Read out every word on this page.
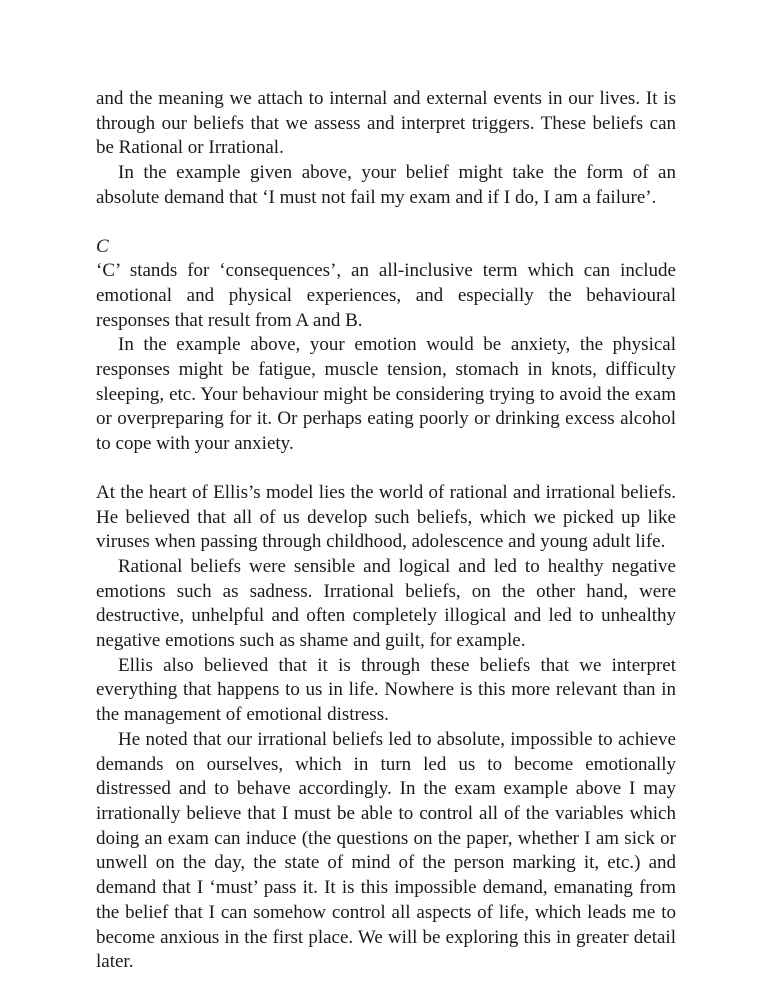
and the meaning we attach to internal and external events in our lives. It is through our beliefs that we assess and interpret triggers. These beliefs can be Rational or Irrational.

In the example given above, your belief might take the form of an absolute demand that ‘I must not fail my exam and if I do, I am a failure’.

C

‘C’ stands for ‘consequences’, an all-inclusive term which can include emotional and physical experiences, and especially the behavioural responses that result from A and B.

In the example above, your emotion would be anxiety, the physical responses might be fatigue, muscle tension, stomach in knots, difficulty sleeping, etc. Your behaviour might be considering trying to avoid the exam or overpreparing for it. Or perhaps eating poorly or drinking excess alcohol to cope with your anxiety.

At the heart of Ellis’s model lies the world of rational and irrational beliefs. He believed that all of us develop such beliefs, which we picked up like viruses when passing through childhood, adolescence and young adult life.

Rational beliefs were sensible and logical and led to healthy negative emotions such as sadness. Irrational beliefs, on the other hand, were destructive, unhelpful and often completely illogical and led to unhealthy negative emotions such as shame and guilt, for example.

Ellis also believed that it is through these beliefs that we interpret everything that happens to us in life. Nowhere is this more relevant than in the management of emotional distress.

He noted that our irrational beliefs led to absolute, impossible to achieve demands on ourselves, which in turn led us to become emotionally distressed and to behave accordingly. In the exam example above I may irrationally believe that I must be able to control all of the variables which doing an exam can induce (the questions on the paper, whether I am sick or unwell on the day, the state of mind of the person marking it, etc.) and demand that I ‘must’ pass it. It is this impossible demand, emanating from the belief that I can somehow control all aspects of life, which leads me to become anxious in the first place. We will be exploring this in greater detail later.
